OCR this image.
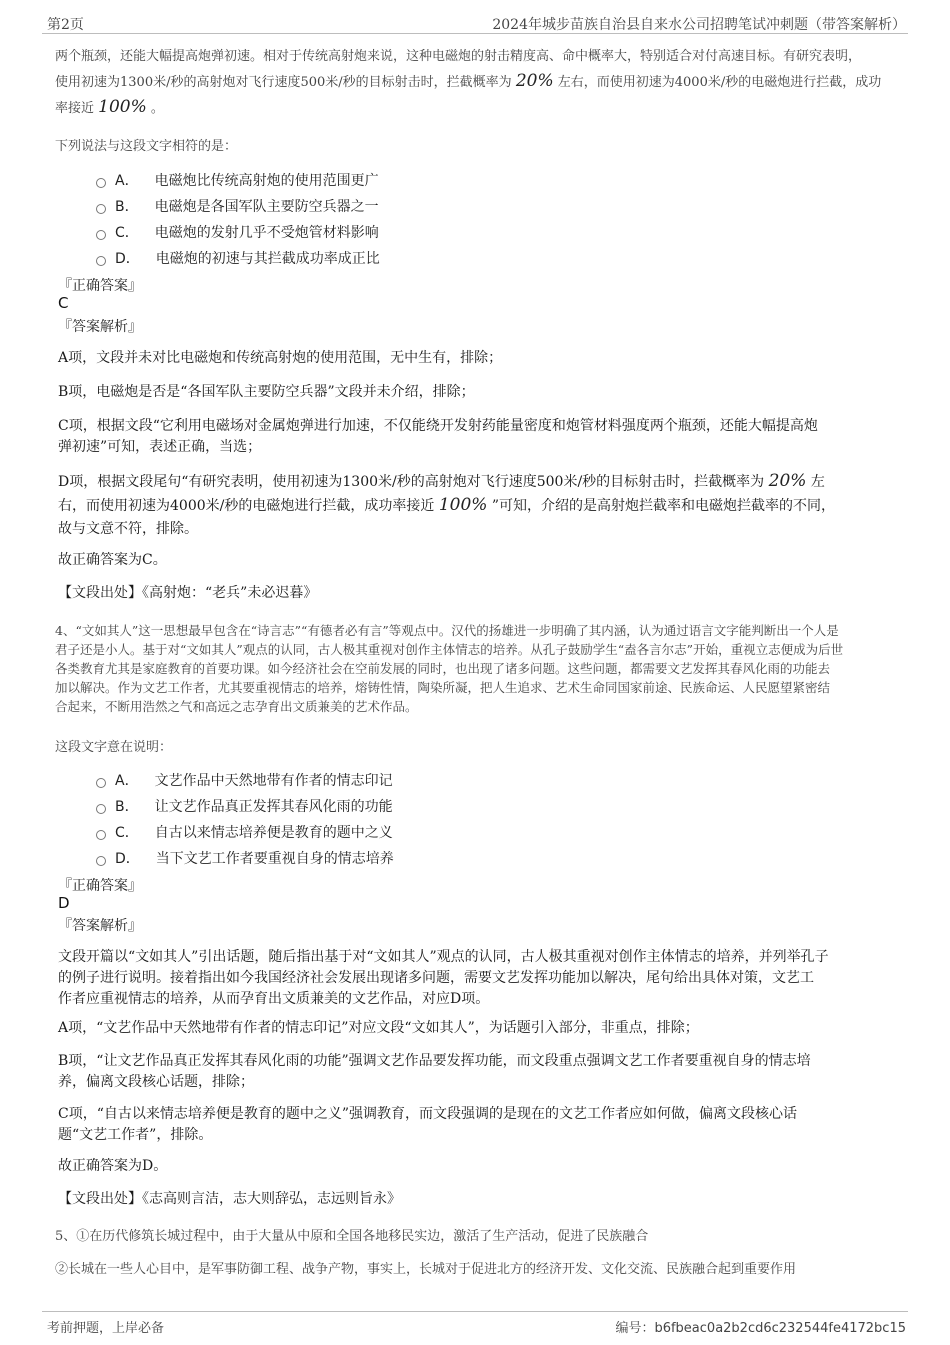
第2页	2024年城步苗族自治县自来水公司招聘笔试冲刺题（带答案解析）
两个瓶颈，还能大幅提高炮弹初速。相对于传统高射炮来说，这种电磁炮的射击精度高、命中概率大，特别适合对付高速目标。有研究表明，
使用初速为1300米/秒的高射炮对飞行速度500米/秒的目标射击时，拦截概率为 20% 左右，而使用初速为4000米/秒的电磁炮进行拦截，成功
率接近 100% 。
下列说法与这段文字相符的是：
A． 电磁炮比传统高射炮的使用范围更广
B． 电磁炮是各国军队主要防空兵器之一
C． 电磁炮的发射几乎不受炮管材料影响
D． 电磁炮的初速与其拦截成功率成正比
『正确答案』
C
『答案解析』
A项，文段并未对比电磁炮和传统高射炮的使用范围，无中生有，排除；
B项，电磁炮是否是“各国军队主要防空兵器”文段并未介绍，排除；
C项，根据文段“它利用电磁场对金属炮弹进行加速，不仅能绕开发射药能量密度和炮管材料强度两个瓶颈，还能大幅提高炮
弹初速”可知，表述正确，当选；
D项，根据文段尾句“有研究表明，使用初速为1300米/秒的高射炮对飞行速度500米/秒的目标射击时，拦截概率为 20% 左
右，而使用初速为4000米/秒的电磁炮进行拦截，成功率接近 100% ”可知，介绍的是高射炮拦截率和电磁炮拦截率的不同，
故与文意不符，排除。
故正确答案为C。
【文段出处】《高射炮：“老兵”未必迟暮》
4、“文如其人”这一思想最早包含在“诗言志”“有德者必有言”等观点中。汉代的扬雄进一步明确了其内涵，认为通过语言文字能判断出一个人是
君子还是小人。基于对“文如其人”观点的认同，古人极其重视对创作主体情志的培养。从孔子鼓励学生“盍各言尔志”开始，重视立志便成为后世
各类教育尤其是家庭教育的首要功课。如今经济社会在空前发展的同时，也出现了诸多问题。这些问题，都需要文艺发挥其春风化雨的功能去
加以解决。作为文艺工作者，尤其要重视情志的培养，熔铸性情，陶染所凝，把人生追求、艺术生命同国家前途、民族命运、人民愿望紧密结
合起来，不断用浩然之气和高远之志孕育出文质兼美的艺术作品。
这段文字意在说明：
A． 文艺作品中天然地带有作者的情志印记
B． 让文艺作品真正发挥其春风化雨的功能
C． 自古以来情志培养便是教育的题中之义
D． 当下文艺工作者要重视自身的情志培养
『正确答案』
D
『答案解析』
文段开篇以“文如其人”引出话题，随后指出基于对“文如其人”观点的认同，古人极其重视对创作主体情志的培养，并列举孔子
的例子进行说明。接着指出如今我国经济社会发展出现诸多问题，需要文艺发挥功能加以解决，尾句给出具体对策，文艺工
作者应重视情志的培养，从而孕育出文质兼美的文艺作品，对应D项。
A项，“文艺作品中天然地带有作者的情志印记”对应文段“文如其人”，为话题引入部分，非重点，排除；
B项，“让文艺作品真正发挥其春风化雨的功能”强调文艺作品要发挥功能，而文段重点强调文艺工作者要重视自身的情志培
养，偏离文段核心话题，排除；
C项，“自古以来情志培养便是教育的题中之义”强调教育，而文段强调的是现在的文艺工作者应如何做，偏离文段核心话
题“文艺工作者”，排除。
故正确答案为D。
【文段出处】《志高则言洁，志大则辞弘，志远则旨永》
5、①在历代修筑长城过程中，由于大量从中原和全国各地移民实边，激活了生产活动，促进了民族融合
②长城在一些人心目中，是军事防御工程、战争产物，事实上，长城对于促进北方的经济开发、文化交流、民族融合起到重要作用
考前押题，上岸必备	编号：b6fbeac0a2b2cd6c232544fe4172bc15
